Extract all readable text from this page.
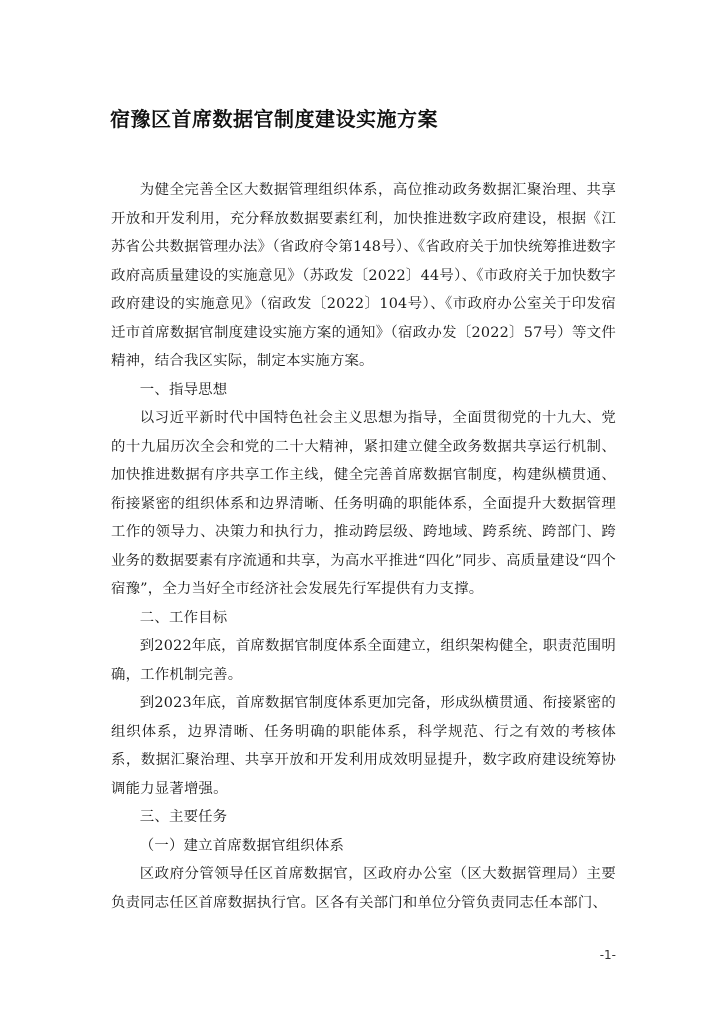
宿豫区首席数据官制度建设实施方案

为健全完善全区大数据管理组织体系，高位推动政务数据汇聚治理、共享开放和开发利用，充分释放数据要素红利，加快推进数字政府建设，根据《江苏省公共数据管理办法》（省政府令第148号）、《省政府关于加快统筹推进数字政府高质量建设的实施意见》（苏政发〔2022〕44号）、《市政府关于加快数字政府建设的实施意见》（宿政发〔2022〕104号）、《市政府办公室关于印发宿迁市首席数据官制度建设实施方案的通知》（宿政办发〔2022〕57号）等文件精神，结合我区实际，制定本实施方案。

一、指导思想

以习近平新时代中国特色社会主义思想为指导，全面贯彻党的十九大、党的十九届历次全会和党的二十大精神，紧扣建立健全政务数据共享运行机制、加快推进数据有序共享工作主线，健全完善首席数据官制度，构建纵横贯通、衔接紧密的组织体系和边界清晰、任务明确的职能体系，全面提升大数据管理工作的领导力、决策力和执行力，推动跨层级、跨地域、跨系统、跨部门、跨业务的数据要素有序流通和共享，为高水平推进“四化”同步、高质量建设“四个宿豫”，全力当好全市经济社会发展先行军提供有力支撑。

二、工作目标

到2022年底，首席数据官制度体系全面建立，组织架构健全，职责范围明确，工作机制完善。

到2023年底，首席数据官制度体系更加完备，形成纵横贯通、衔接紧密的组织体系，边界清晰、任务明确的职能体系，科学规范、行之有效的考核体系，数据汇聚治理、共享开放和开发利用成效明显提升，数字政府建设统筹协调能力显著增强。

三、主要任务

（一）建立首席数据官组织体系

区政府分管领导任区首席数据官，区政府办公室（区大数据管理局）主要负责同志任区首席数据执行官。区各有关部门和单位分管负责同志任本部门、

-1-
